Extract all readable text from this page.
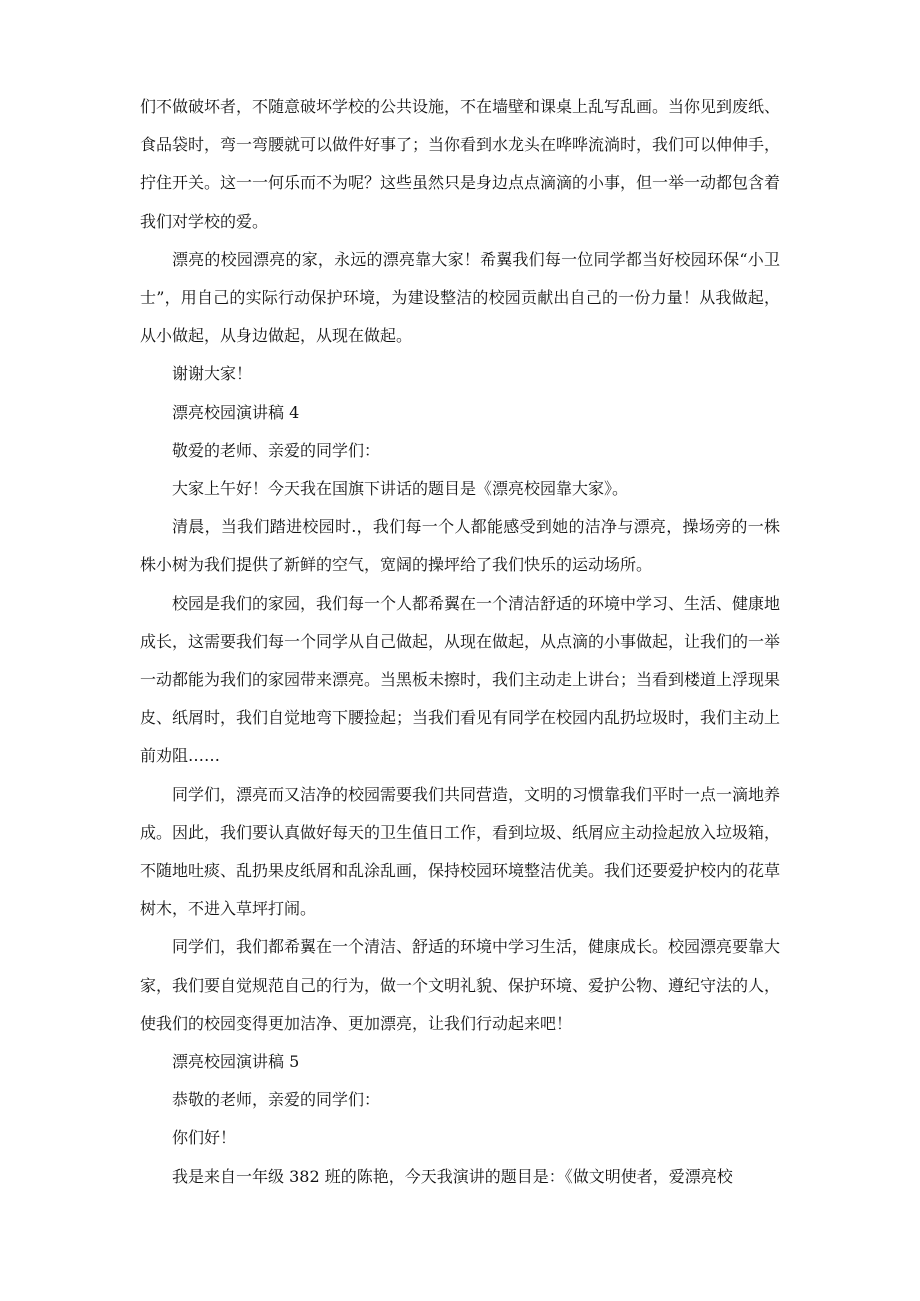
们不做破坏者，不随意破坏学校的公共设施，不在墙壁和课桌上乱写乱画。当你见到废纸、食品袋时，弯一弯腰就可以做件好事了；当你看到水龙头在哗哗流淌时，我们可以伸伸手，拧住开关。这一一何乐而不为呢？这些虽然只是身边点点滴滴的小事，但一举一动都包含着我们对学校的爱。

漂亮的校园漂亮的家，永远的漂亮靠大家！希翼我们每一位同学都当好校园环保“小卫士”，用自己的实际行动保护环境，为建设整洁的校园贡献出自己的一份力量！从我做起，从小做起，从身边做起，从现在做起。

谢谢大家！

漂亮校园演讲稿 4

敬爱的老师、亲爱的同学们：

大家上午好！今天我在国旗下讲话的题目是《漂亮校园靠大家》。

清晨，当我们踏进校园时.，我们每一个人都能感受到她的洁净与漂亮，操场旁的一株株小树为我们提供了新鲜的空气，宽阔的操坪给了我们快乐的运动场所。

校园是我们的家园，我们每一个人都希翼在一个清洁舒适的环境中学习、生活、健康地成长，这需要我们每一个同学从自己做起，从现在做起，从点滴的小事做起，让我们的一举一动都能为我们的家园带来漂亮。当黑板未擦时，我们主动走上讲台；当看到楼道上浮现果皮、纸屑时，我们自觉地弯下腰捡起；当我们看见有同学在校园内乱扔垃圾时，我们主动上前劝阻……

同学们，漂亮而又洁净的校园需要我们共同营造，文明的习惯靠我们平时一点一滴地养成。因此，我们要认真做好每天的卫生值日工作，看到垃圾、纸屑应主动捡起放入垃圾箱，不随地吐痰、乱扔果皮纸屑和乱涂乱画，保持校园环境整洁优美。我们还要爱护校内的花草树木，不进入草坪打闹。

同学们，我们都希翼在一个清洁、舒适的环境中学习生活，健康成长。校园漂亮要靠大家，我们要自觉规范自己的行为，做一个文明礼貌、保护环境、爱护公物、遵纪守法的人，使我们的校园变得更加洁净、更加漂亮，让我们行动起来吧！

漂亮校园演讲稿 5

恭敬的老师，亲爱的同学们：

你们好！

我是来自一年级 382 班的陈艳，今天我演讲的题目是：《做文明使者，爱漂亮校
